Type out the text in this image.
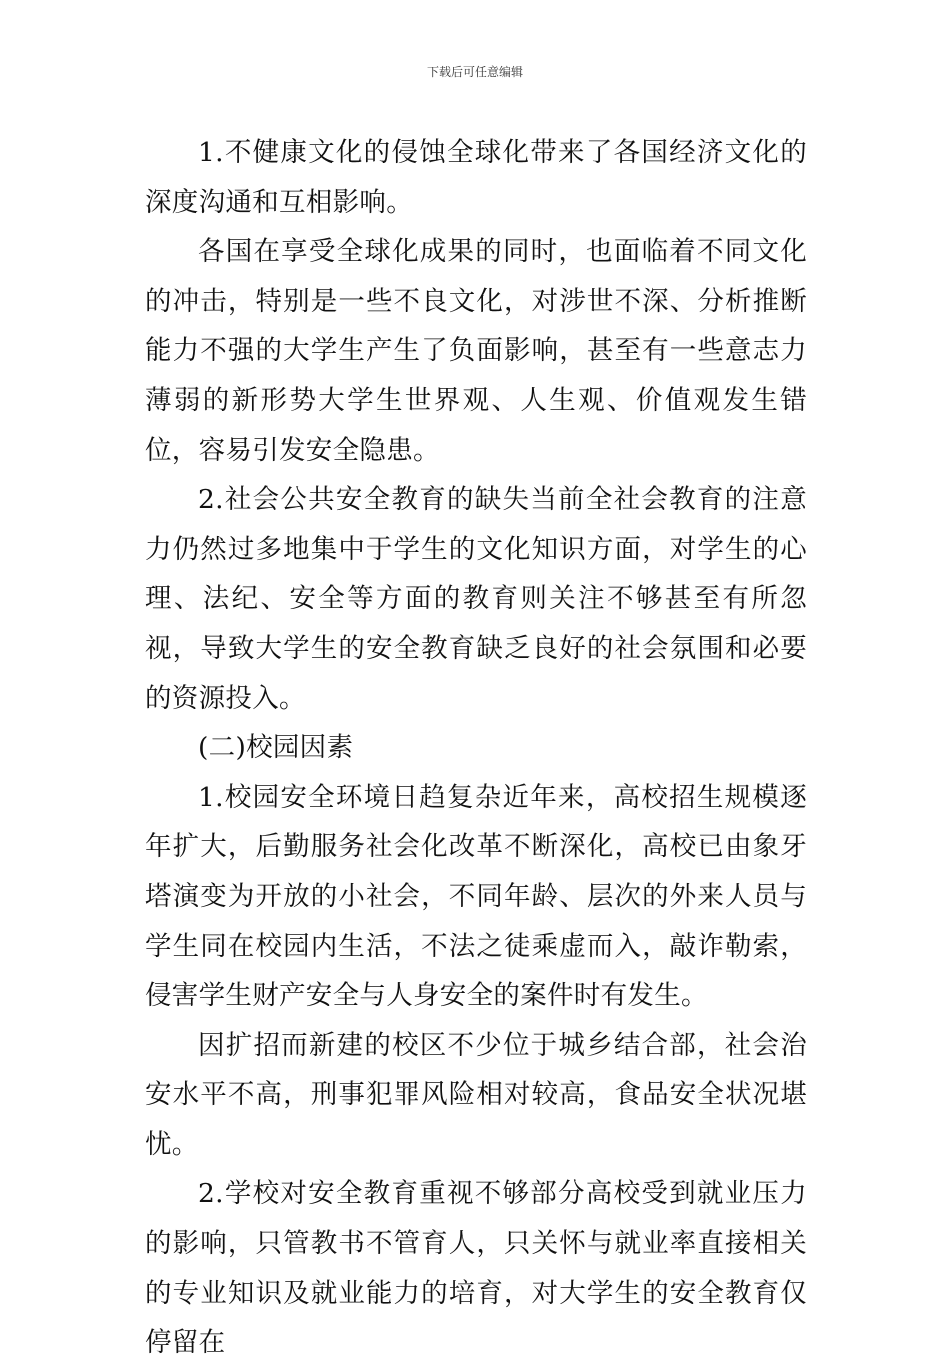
下载后可任意编辑

1.不健康文化的侵蚀全球化带来了各国经济文化的深度沟通和互相影响。

各国在享受全球化成果的同时，也面临着不同文化的冲击，特别是一些不良文化，对涉世不深、分析推断能力不强的大学生产生了负面影响，甚至有一些意志力薄弱的新形势大学生世界观、人生观、价值观发生错位，容易引发安全隐患。

2.社会公共安全教育的缺失当前全社会教育的注意力仍然过多地集中于学生的文化知识方面，对学生的心理、法纪、安全等方面的教育则关注不够甚至有所忽视，导致大学生的安全教育缺乏良好的社会氛围和必要的资源投入。

(二)校园因素

1.校园安全环境日趋复杂近年来，高校招生规模逐年扩大，后勤服务社会化改革不断深化，高校已由象牙塔演变为开放的小社会，不同年龄、层次的外来人员与学生同在校园内生活，不法之徒乘虚而入，敲诈勒索，侵害学生财产安全与人身安全的案件时有发生。

因扩招而新建的校区不少位于城乡结合部，社会治安水平不高，刑事犯罪风险相对较高，食品安全状况堪忧。

2.学校对安全教育重视不够部分高校受到就业压力的影响，只管教书不管育人，只关怀与就业率直接相关的专业知识及就业能力的培育，对大学生的安全教育仅停留在
